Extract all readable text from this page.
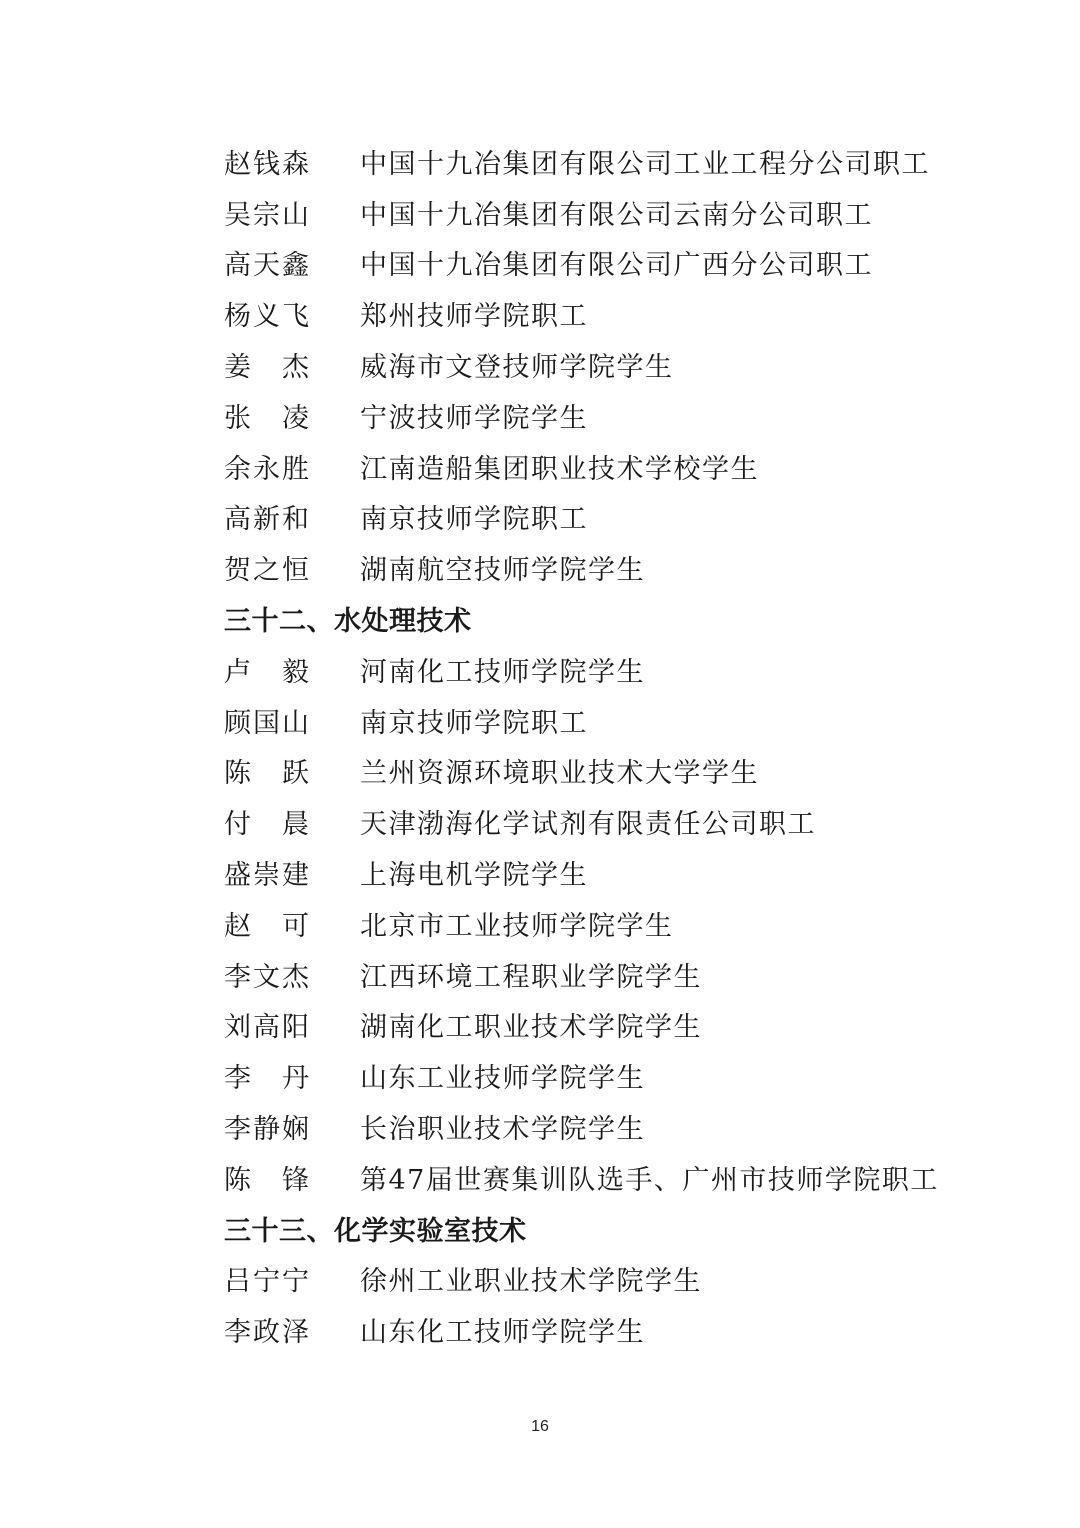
赵钱森	中国十九冶集团有限公司工业工程分公司职工
吴宗山	中国十九冶集团有限公司云南分公司职工
高天鑫	中国十九冶集团有限公司广西分公司职工
杨义飞	郑州技师学院职工
姜　杰	威海市文登技师学院学生
张　凌	宁波技师学院学生
余永胜	江南造船集团职业技术学校学生
高新和	南京技师学院职工
贺之恒	湖南航空技师学院学生
三十二、水处理技术
卢　毅	河南化工技师学院学生
顾国山	南京技师学院职工
陈　跃	兰州资源环境职业技术大学学生
付　晨	天津渤海化学试剂有限责任公司职工
盛崇建	上海电机学院学生
赵　可	北京市工业技师学院学生
李文杰	江西环境工程职业学院学生
刘高阳	湖南化工职业技术学院学生
李　丹	山东工业技师学院学生
李静娴	长治职业技术学院学生
陈　锋	第47届世赛集训队选手、广州市技师学院职工
三十三、化学实验室技术
吕宁宁	徐州工业职业技术学院学生
李政泽	山东化工技师学院学生
16
